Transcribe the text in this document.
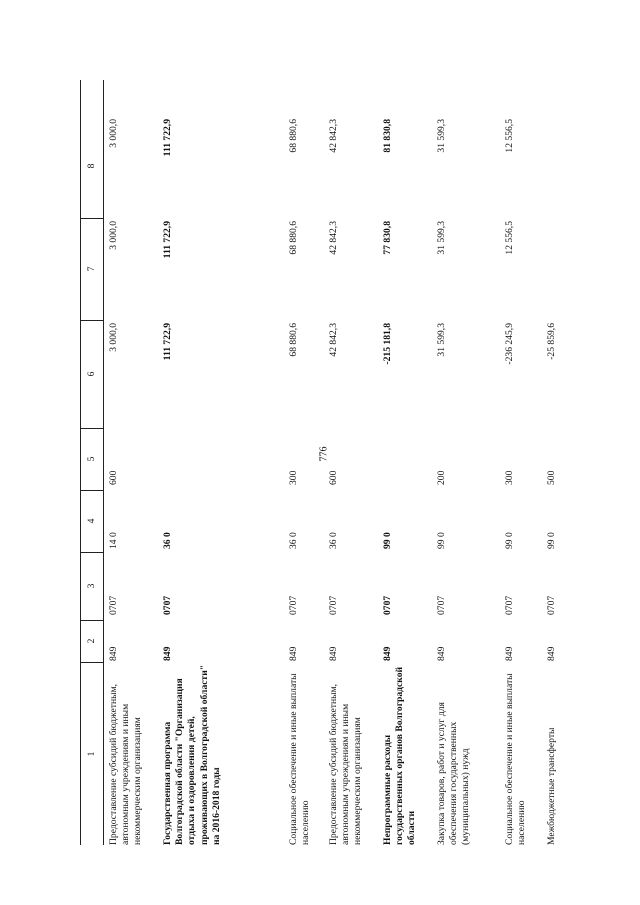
776
1
2
3
4
5
6
7
8
Предоставление субсидий бюджетным, автономным учреждениям и иным некоммерческим организациям
849
0707
14 0
600
3 000,0
3 000,0
3 000,0
Государственная программа Волгоградской области "Организация отдыха и оздоровления детей, проживающих в Волгоградской области" на 2016-2018 годы
849
0707
36 0
111 722,9
111 722,9
111 722,9
Социальное обеспечение и иные выплаты населению
849
0707
36 0
300
68 880,6
68 880,6
68 880,6
Предоставление субсидий бюджетным, автономным учреждениям и иным некоммерческим организациям
849
0707
36 0
600
42 842,3
42 842,3
42 842,3
Непрограммные расходы государственных органов Волгоградской области
849
0707
99 0
-215 181,8
77 830,8
81 830,8
Закупка товаров, работ и услуг для обеспечения государственных (муниципальных) нужд
849
0707
99 0
200
31 599,3
31 599,3
31 599,3
Социальное обеспечение и иные выплаты населению
849
0707
99 0
300
-236 245,9
12 556,5
12 556,5
Межбюджетные трансферты
849
0707
99 0
500
-25 859,6
